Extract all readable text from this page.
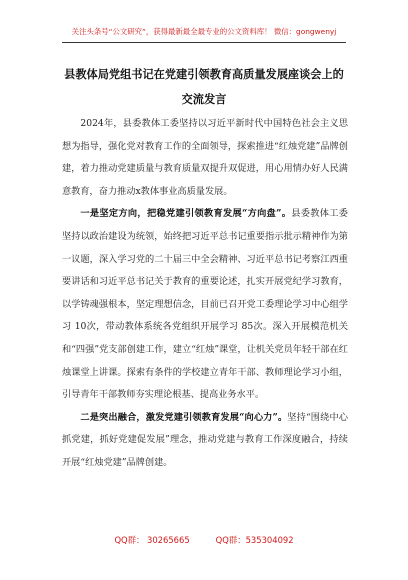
关注头条号“公文研究”，获得最新最全最专业的公文资料库！ 微信：gongwenyj
县教体局党组书记在党建引领教育高质量发展座谈会上的
交流发言

2024年，县委教体工委坚持以习近平新时代中国特色社会主义思想为指导，强化党对教育工作的全面领导，探索推进“红烛党建”品牌创建，着力推动党建质量与教育质量双提升双促进，用心用情办好人民满意教育，奋力推动x教体事业高质量发展。

一是坚定方向，把稳党建引领教育发展“方向盘”。县委教体工委坚持以政治建设为统领，始终把习近平总书记重要指示批示精神作为第一议题，深入学习党的二十届三中全会精神、习近平总书记考察江西重要讲话和习近平总书记关于教育的重要论述，扎实开展党纪学习教育，以学铸魂强根本，坚定理想信念，目前已召开党工委理论学习中心组学习 10次，带动教体系统各党组织开展学习 85次。深入开展模范机关和“四强”党支部创建工作，建立“红烛”课堂，让机关党员年轻干部在红烛课堂上讲课。探索有条件的学校建立青年干部、教师理论学习小组，引导青年干部教师夯实理论根基、提高业务水平。

二是突出融合，激发党建引领教育发展“向心力”。坚持“围绕中心抓党建，抓好党建促发展”理念，推动党建与教育工作深度融合，持续开展“红烛党建”品牌创建。

QQ群： 30265665	QQ群：535304092
